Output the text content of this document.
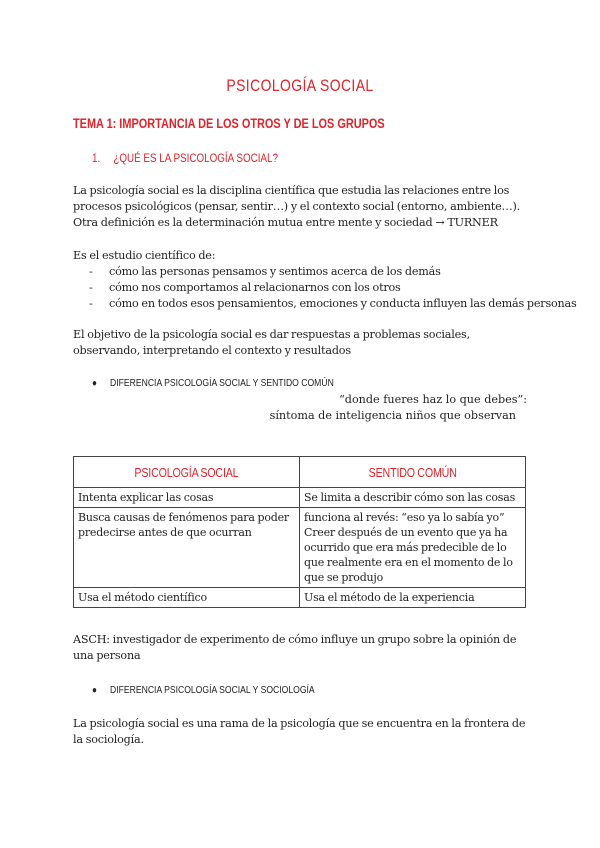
PSICOLOGÍA SOCIAL
TEMA 1: IMPORTANCIA DE LOS OTROS Y DE LOS GRUPOS
1. ¿QUÉ ES LA PSICOLOGÍA SOCIAL?
La psicología social es la disciplina científica que estudia las relaciones entre los procesos psicológicos (pensar, sentir…) y el contexto social (entorno, ambiente…). Otra definición es la determinación mutua entre mente y sociedad → TURNER
Es el estudio científico de:
- cómo las personas pensamos y sentimos acerca de los demás
- cómo nos comportamos al relacionarnos con los otros
- cómo en todos esos pensamientos, emociones y conducta influyen las demás personas
El objetivo de la psicología social es dar respuestas a problemas sociales, observando, interpretando el contexto y resultados
● DIFERENCIA PSICOLOGÍA SOCIAL Y SENTIDO COMÚN
“donde fueres haz lo que debes”:
síntoma de inteligencia niños que observan
PSICOLOGÍA SOCIAL	SENTIDO COMÚN
Intenta explicar las cosas	Se limita a describir cómo son las cosas
Busca causas de fenómenos para poder predecirse antes de que ocurran	funciona al revés: “eso ya lo sabía yo” Creer después de un evento que ya ha ocurrido que era más predecible de lo que realmente era en el momento de lo que se produjo
Usa el método científico	Usa el método de la experiencia
ASCH: investigador de experimento de cómo influye un grupo sobre la opinión de una persona
● DIFERENCIA PSICOLOGÍA SOCIAL Y SOCIOLOGÍA
La psicología social es una rama de la psicología que se encuentra en la frontera de la sociología.
